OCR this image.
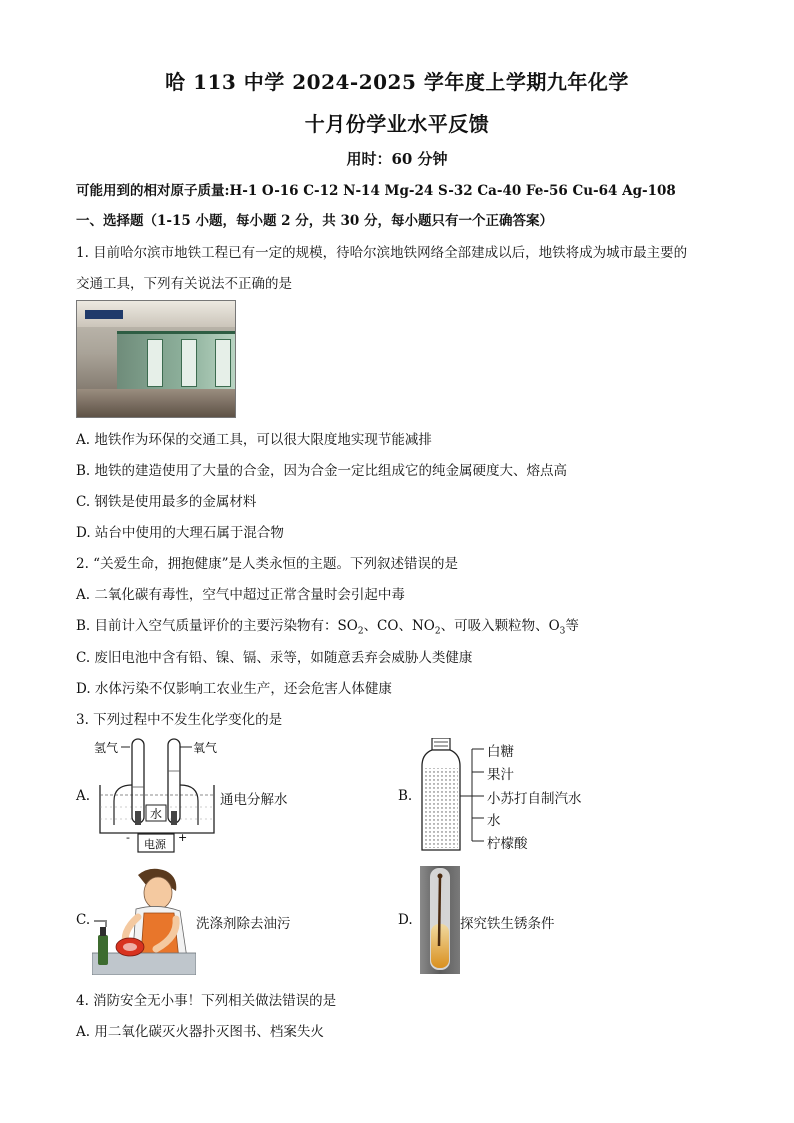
哈 113 中学 2024-2025 学年度上学期九年化学
十月份学业水平反馈
用时：60 分钟
可能用到的相对原子质量:H-1 O-16 C-12 N-14 Mg-24 S-32 Ca-40 Fe-56 Cu-64 Ag-108
一、选择题（1-15 小题，每小题 2 分，共 30 分，每小题只有一个正确答案）
1. 目前哈尔滨市地铁工程已有一定的规模，待哈尔滨地铁网络全部建成以后，地铁将成为城市最主要的
交通工具，下列有关说法不正确的是
A. 地铁作为环保的交通工具，可以很大限度地实现节能减排
B. 地铁的建造使用了大量的合金，因为合金一定比组成它的纯金属硬度大、熔点高
C. 钢铁是使用最多的金属材料
D. 站台中使用的大理石属于混合物
2. “关爱生命，拥抱健康”是人类永恒的主题。下列叙述错误的是
A. 二氧化碳有毒性，空气中超过正常含量时会引起中毒
B. 目前计入空气质量评价的主要污染物有：$SO_2$、CO、$NO_2$、可吸入颗粒物、$O_3$等
C. 废旧电池中含有铅、镍、镉、汞等，如随意丢弃会威胁人类健康
D. 水体污染不仅影响工农业生产，还会危害人体健康
3. 下列过程中不发生化学变化的是
A.
氢气	氧气
水
电源
-	+
通电分解水	B.
白糖
果汁
小苏打自制汽水
水
柠檬酸
C.	洗涤剂除去油污	D.	探究铁生锈条件
4. 消防安全无小事！下列相关做法错误的是
A. 用二氧化碳灭火器扑灭图书、档案失火
